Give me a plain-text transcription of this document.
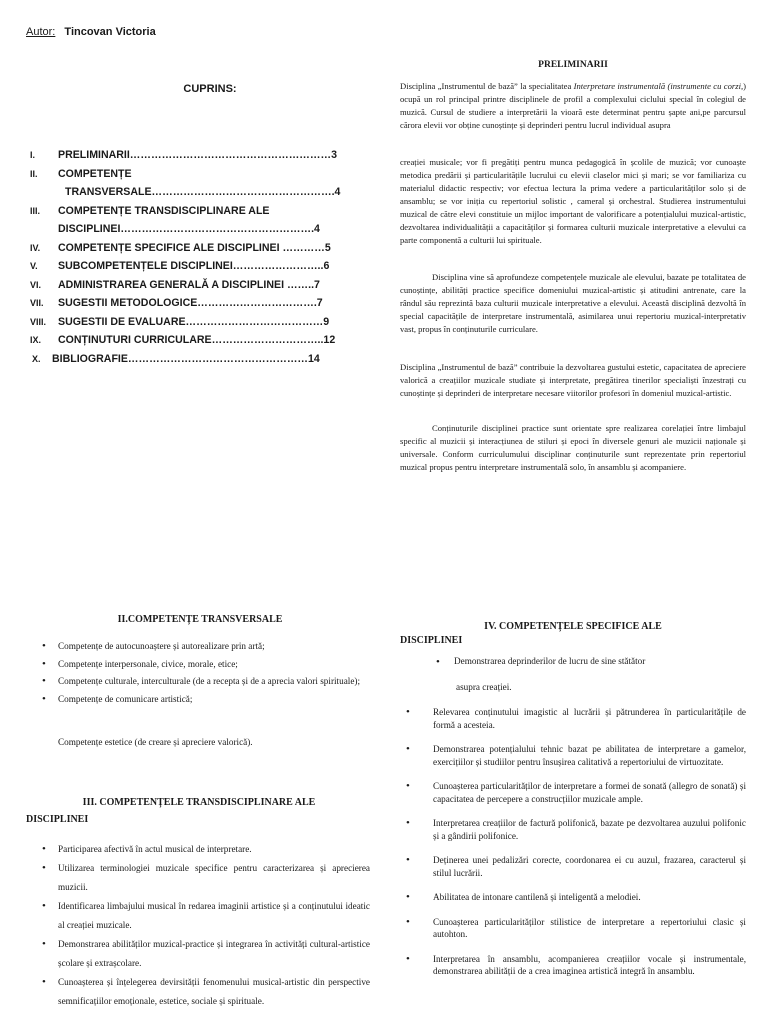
Autor: Tincovan Victoria
CUPRINS:
I. PRELIMINARII…………………………………………………3
II. COMPETENȚE
TRANSVERSALE…………………………………………….4
III. COMPETENȚE TRANSDISCIPLINARE ALE
DISCIPLINEI……………………………………………….4
IV. COMPETENȚE SPECIFICE ALE DISCIPLINEI …………5
V. SUBCOMPETENȚELE DISCIPLINEI……………………..6
VI. ADMINISTRAREA GENERALĂ A DISCIPLINEI ……..7
VII. SUGESTII METODOLOGICE…………………………….7
VIII. SUGESTII DE EVALUARE…………………………………9
IX. CONȚINUTURI CURRICULARE…………………………..12
X. BIBLIOGRAFIE……………………………………………14
PRELIMINARII
Disciplina „Instrumentul de bază” la specialitatea Interpretare instrumentală (instrumente cu corzi,) ocupă un rol principal printre disciplinele de profil a complexului ciclului special în colegiul de muzică. Cursul de studiere a interpretării la vioară este determinat pentru șapte ani,pe parcursul cărora elevii vor obține cunoștințe și deprinderi pentru lucrul individual asupra
creației musicale; vor fi pregătiți pentru munca pedagogică în școlile de muzică; vor cunoaște metodica predării și particularitățile lucrului cu elevii claselor mici și mari; se vor familiariza cu materialul didactic respectiv; vor efectua lectura la prima vedere a particularităților solo și de ansamblu; se vor iniția cu repertoriul solistic , cameral și orchestral. Studierea instrumentului muzical de către elevi constituie un mijloc important de valorificare a potențialului muzical-artistic, dezvoltarea individualității a capacităților și formarea culturii muzicale interpretative a elevului ca parte componentă a culturii lui spirituale.
Disciplina vine să aprofundeze competențele muzicale ale elevului, bazate pe totalitatea de cunoștințe, abilități practice specifice domeniului muzical-artistic și atitudini antrenate, care la rândul său reprezintă baza culturii muzicale interpretative a elevului. Această disciplină dezvoltă în special capacitățile de interpretare instrumentală, asimilarea unui repertoriu muzical-interpretativ vast, propus în conținuturile curriculare.
Disciplina „Instrumentul de bază” contribuie la dezvoltarea gustului estetic, capacitatea de apreciere valorică a creațiilor muzicale studiate și interpretate, pregătirea tinerilor specialiști înzestrați cu cunoștințe și deprinderi de interpretare necesare viitorilor profesori în domeniul muzical-artistic.
Conținuturile disciplinei practice sunt orientate spre realizarea corelației între limbajul specific al muzicii și interacțiunea de stiluri și epoci în diversele genuri ale muzicii naționale și universale. Conform curriculumului disciplinar conținuturile sunt reprezentate prin repertoriul muzical propus pentru interpretare instrumentală solo, în ansamblu și acompaniere.
II.COMPETENȚE TRANSVERSALE
• Competențe de autocunoaștere și autorealizare prin artă;
• Competențe interpersonale, civice, morale, etice;
• Competențe culturale, interculturale (de a recepta și de a aprecia valori spirituale);
• Competențe de comunicare artistică;
Competențe estetice (de creare și apreciere valorică).
III. COMPETENȚELE TRANSDISCIPLINARE ALE
DISCIPLINEI
• Participarea afectivă în actul musical de interpretare.
• Utilizarea terminologiei muzicale specifice pentru caracterizarea și aprecierea muzicii.
• Identificarea limbajului musical în redarea imaginii artistice și a conținutului ideatic al creației muzicale.
• Demonstrarea abilităților muzical-practice și integrarea în activități cultural-artistice școlare și extrașcolare.
• Cunoașterea și înțelegerea devirsității fenomenului musical-artistic din perspective semnificațiilor emoționale, estetice, sociale și spirituale.
IV. COMPETENȚELE SPECIFICE ALE
DISCIPLINEI
• Demonstrarea deprinderilor de lucru de sine stătător
asupra creației.
• Relevarea conținutului imagistic al lucrării și pătrunderea în particularitățile de formă a acesteia.
• Demonstrarea potențialului tehnic bazat pe abilitatea de interpretare a gamelor, exercițiilor și studiilor pentru însușirea calitativă a repertoriului de virtuozitate.
• Cunoașterea particularităților de interpretare a formei de sonată (allegro de sonată) și capacitatea de percepere a construcțiilor muzicale ample.
• Interpretarea creațiilor de factură polifonică, bazate pe dezvoltarea auzului polifonic și a gândirii polifonice.
• Deținerea unei pedalizări corecte, coordonarea ei cu auzul, frazarea, caracterul și stilul lucrării.
• Abilitatea de intonare cantilenă și inteligentă a melodiei.
• Cunoașterea particularităților stilistice de interpretare a repertoriului clasic și autohton.
• Interpretarea în ansamblu, acompanierea creațiilor vocale și instrumentale, demonstrarea abilității de a crea imaginea artistică integră în ansamblu.
